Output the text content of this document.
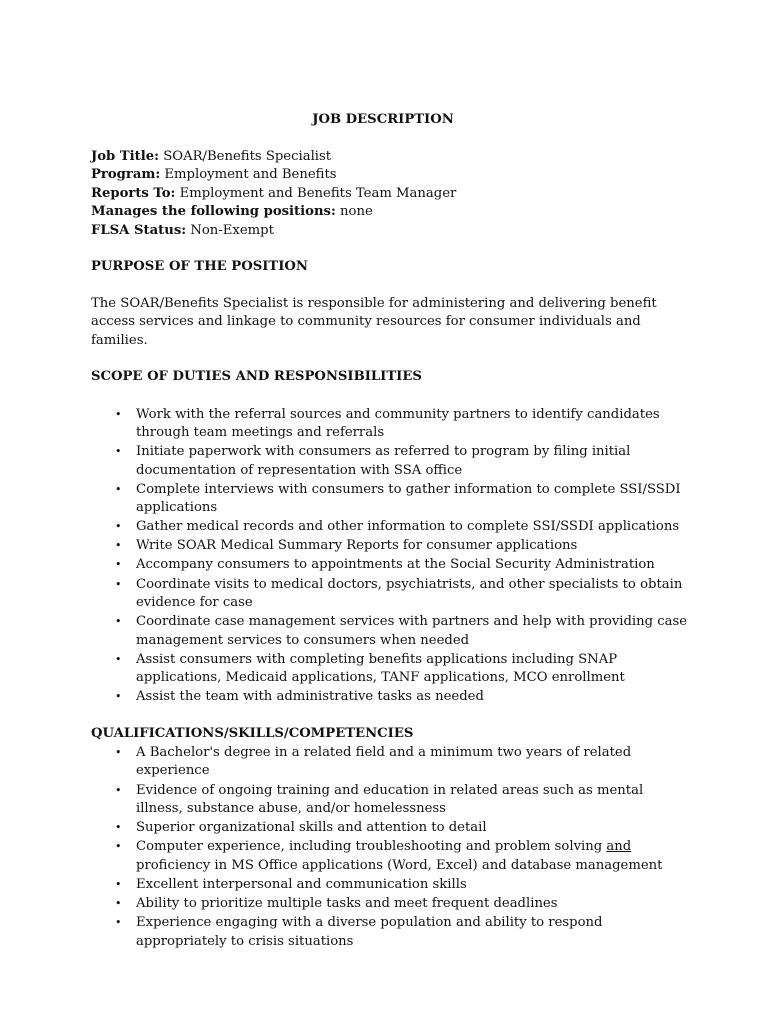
JOB DESCRIPTION

Job Title: SOAR/Benefits Specialist

Program: Employment and Benefits

Reports To: Employment and Benefits Team Manager

Manages the following positions: none

FLSA Status: Non-Exempt

PURPOSE OF THE POSITION

The SOAR/Benefits Specialist is responsible for administering and delivering benefit access services and linkage to community resources for consumer individuals and families.

SCOPE OF DUTIES AND RESPONSIBILITIES
• Work with the referral sources and community partners to identify candidates through team meetings and referrals
• Initiate paperwork with consumers as referred to program by filing initial documentation of representation with SSA office
• Complete interviews with consumers to gather information to complete SSI/SSDI applications
• Gather medical records and other information to complete SSI/SSDI applications
• Write SOAR Medical Summary Reports for consumer applications
• Accompany consumers to appointments at the Social Security Administration
• Coordinate visits to medical doctors, psychiatrists, and other specialists to obtain evidence for case
• Coordinate case management services with partners and help with providing case management services to consumers when needed
• Assist consumers with completing benefits applications including SNAP applications, Medicaid applications, TANF applications, MCO enrollment
• Assist the team with administrative tasks as needed
QUALIFICATIONS/SKILLS/COMPETENCIES
• A Bachelor's degree in a related field and a minimum two years of related experience
• Evidence of ongoing training and education in related areas such as mental illness, substance abuse, and/or homelessness
• Superior organizational skills and attention to detail
• Computer experience, including troubleshooting and problem solving and proficiency in MS Office applications (Word, Excel) and database management
• Excellent interpersonal and communication skills
• Ability to prioritize multiple tasks and meet frequent deadlines
• Experience engaging with a diverse population and ability to respond appropriately to crisis situations
